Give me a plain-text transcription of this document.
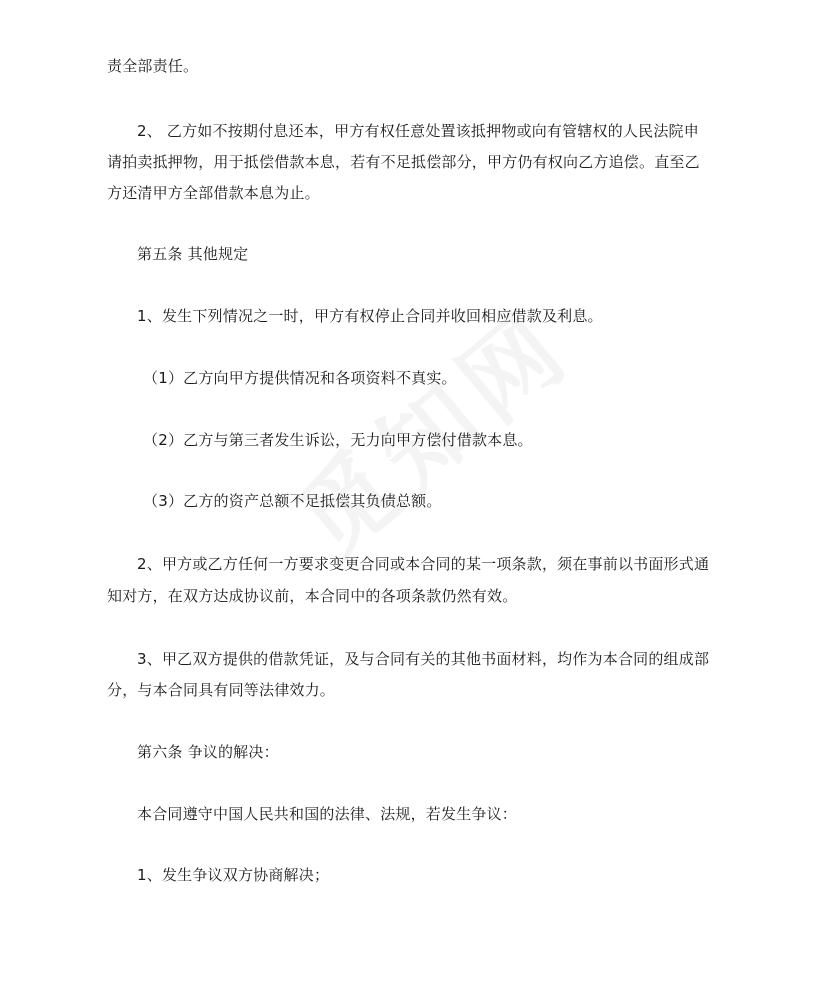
责全部责任。
2、 乙方如不按期付息还本，甲方有权任意处置该抵押物或向有管辖权的人民法院申
请拍卖抵押物，用于抵偿借款本息，若有不足抵偿部分，甲方仍有权向乙方追偿。直至乙
方还清甲方全部借款本息为止。
第五条 其他规定
1、发生下列情况之一时，甲方有权停止合同并收回相应借款及利息。
（1）乙方向甲方提供情况和各项资料不真实。
（2）乙方与第三者发生诉讼，无力向甲方偿付借款本息。
（3）乙方的资产总额不足抵偿其负债总额。
2、甲方或乙方任何一方要求变更合同或本合同的某一项条款，须在事前以书面形式通
知对方，在双方达成协议前，本合同中的各项条款仍然有效。
3、甲乙双方提供的借款凭证，及与合同有关的其他书面材料，均作为本合同的组成部
分，与本合同具有同等法律效力。
第六条 争议的解决：
本合同遵守中国人民共和国的法律、法规，若发生争议：
1、发生争议双方协商解决；
